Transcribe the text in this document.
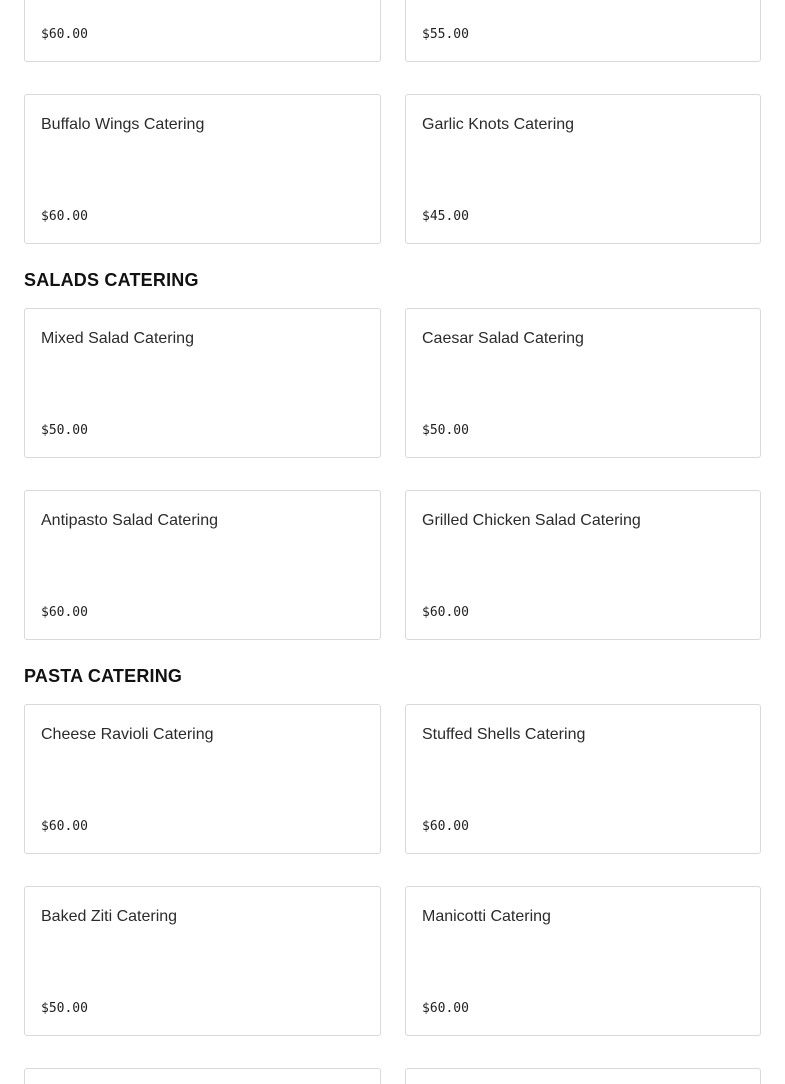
$60.00	$55.00
Buffalo Wings Catering
$60.00
Garlic Knots Catering
$45.00
SALADS CATERING
Mixed Salad Catering
$50.00
Caesar Salad Catering
$50.00
Antipasto Salad Catering
$60.00
Grilled Chicken Salad Catering
$60.00
PASTA CATERING
Cheese Ravioli Catering
$60.00
Stuffed Shells Catering
$60.00
Baked Ziti Catering
$50.00
Manicotti Catering
$60.00
